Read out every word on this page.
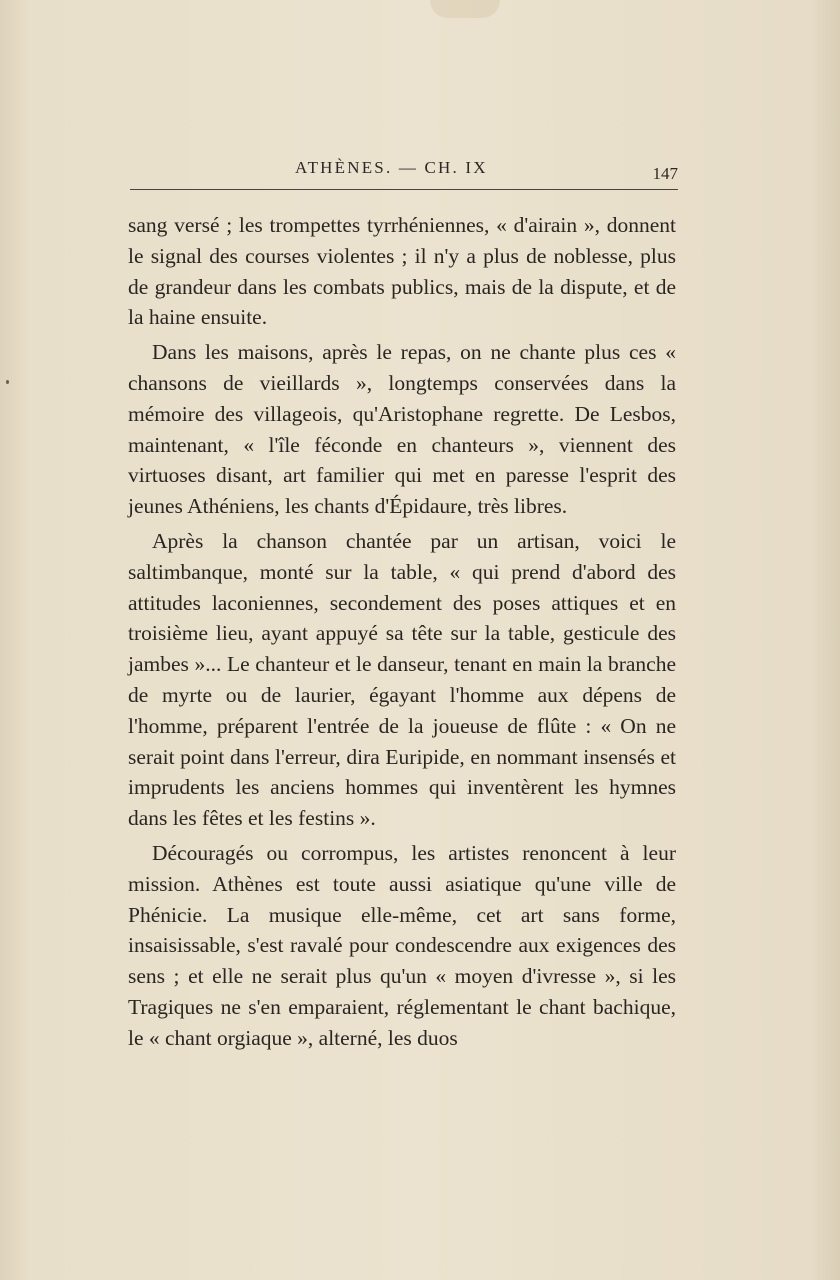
ATHÈNES. — CH. IX	147

sang versé ; les trompettes tyrrhéniennes, « d'airain », donnent le signal des courses violentes ; il n'y a plus de noblesse, plus de grandeur dans les combats publics, mais de la dispute, et de la haine ensuite.

Dans les maisons, après le repas, on ne chante plus ces « chansons de vieillards », longtemps conservées dans la mémoire des villageois, qu'Aristophane regrette. De Lesbos, maintenant, « l'île féconde en chanteurs », viennent des virtuoses disant, art familier qui met en paresse l'esprit des jeunes Athéniens, les chants d'Épidaure, très libres.

Après la chanson chantée par un artisan, voici le saltimbanque, monté sur la table, « qui prend d'abord des attitudes laconiennes, secondement des poses attiques et en troisième lieu, ayant appuyé sa tête sur la table, gesticule des jambes »... Le chanteur et le danseur, tenant en main la branche de myrte ou de laurier, égayant l'homme aux dépens de l'homme, préparent l'entrée de la joueuse de flûte : « On ne serait point dans l'erreur, dira Euripide, en nommant insensés et imprudents les anciens hommes qui inventèrent les hymnes dans les fêtes et les festins ».

Découragés ou corrompus, les artistes renoncent à leur mission. Athènes est toute aussi asiatique qu'une ville de Phénicie. La musique elle-même, cet art sans forme, insaisissable, s'est ravalé pour condescendre aux exigences des sens ; et elle ne serait plus qu'un « moyen d'ivresse », si les Tragiques ne s'en emparaient, réglementant le chant bachique, le « chant orgiaque », alterné, les duos
